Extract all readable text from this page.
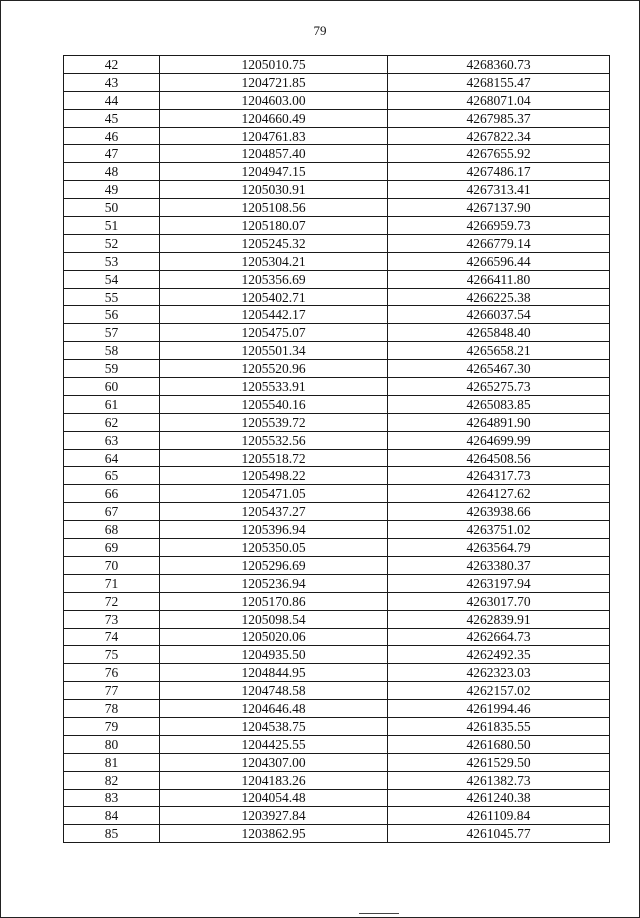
79
42	1205010.75	4268360.73
43	1204721.85	4268155.47
44	1204603.00	4268071.04
45	1204660.49	4267985.37
46	1204761.83	4267822.34
47	1204857.40	4267655.92
48	1204947.15	4267486.17
49	1205030.91	4267313.41
50	1205108.56	4267137.90
51	1205180.07	4266959.73
52	1205245.32	4266779.14
53	1205304.21	4266596.44
54	1205356.69	4266411.80
55	1205402.71	4266225.38
56	1205442.17	4266037.54
57	1205475.07	4265848.40
58	1205501.34	4265658.21
59	1205520.96	4265467.30
60	1205533.91	4265275.73
61	1205540.16	4265083.85
62	1205539.72	4264891.90
63	1205532.56	4264699.99
64	1205518.72	4264508.56
65	1205498.22	4264317.73
66	1205471.05	4264127.62
67	1205437.27	4263938.66
68	1205396.94	4263751.02
69	1205350.05	4263564.79
70	1205296.69	4263380.37
71	1205236.94	4263197.94
72	1205170.86	4263017.70
73	1205098.54	4262839.91
74	1205020.06	4262664.73
75	1204935.50	4262492.35
76	1204844.95	4262323.03
77	1204748.58	4262157.02
78	1204646.48	4261994.46
79	1204538.75	4261835.55
80	1204425.55	4261680.50
81	1204307.00	4261529.50
82	1204183.26	4261382.73
83	1204054.48	4261240.38
84	1203927.84	4261109.84
85	1203862.95	4261045.77
